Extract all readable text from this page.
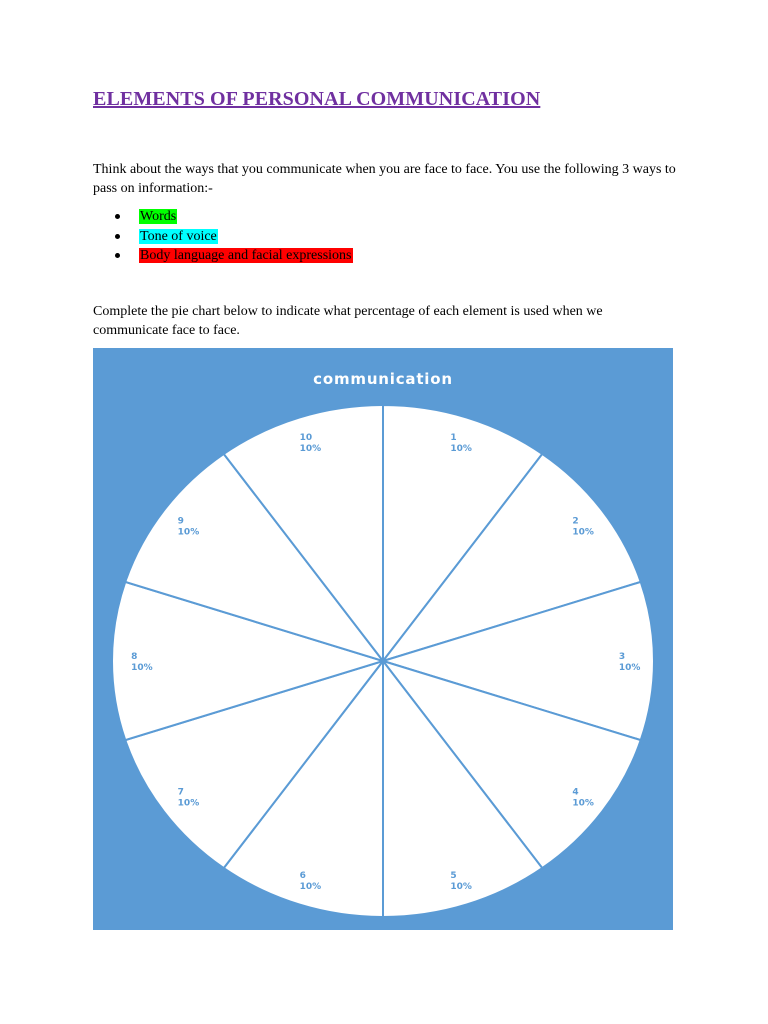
ELEMENTS OF PERSONAL COMMUNICATION

Think about the ways that you communicate when you are face to face. You use the following 3 ways to pass on information:-

Words
Tone of voice
Body language and facial expressions

Complete the pie chart below to indicate what percentage of each element is used when we communicate face to face.

communication
1 10%
2 10%
3 10%
4 10%
5 10%
6 10%
7 10%
8 10%
9 10%
10 10%
